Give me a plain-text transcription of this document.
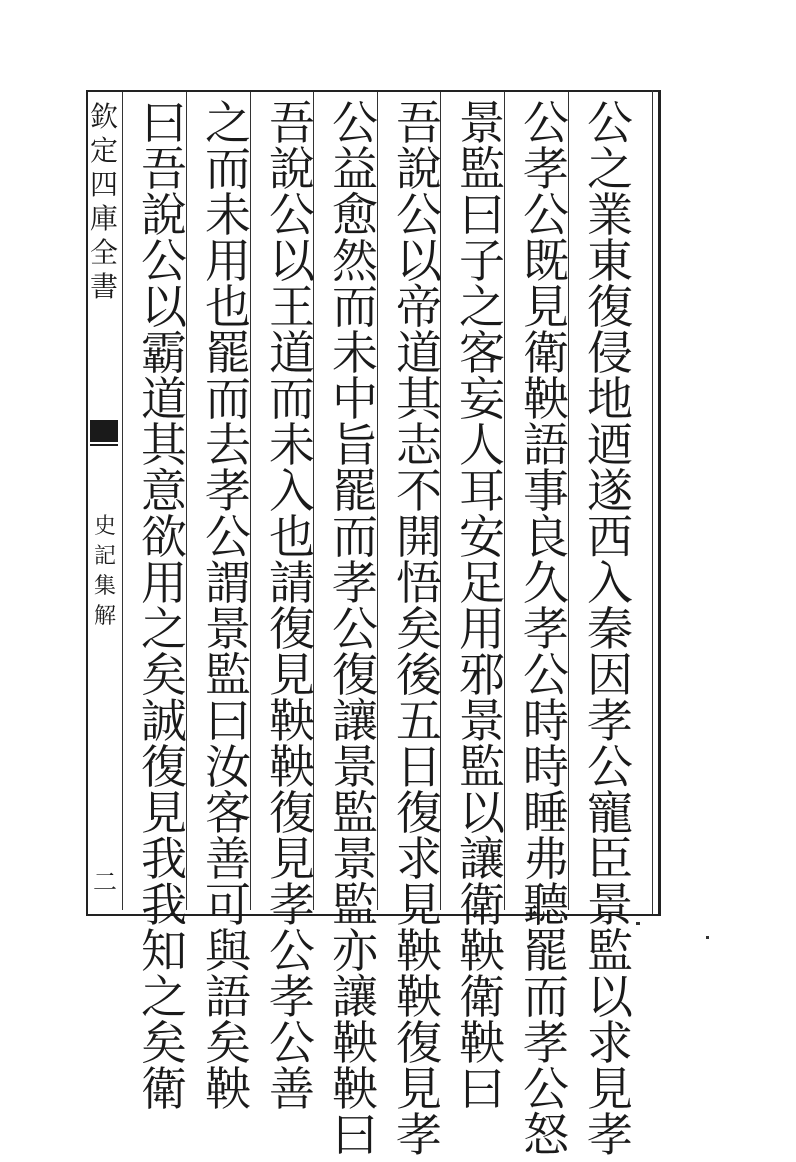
欽
定
四
庫
全
書
史
記
集
解
二
公
之
業
東
復
侵
地
迺
遂
西
入
秦
因
孝
公
寵
臣
景
監
以
求
見
孝
公
孝
公
既
見
衛
鞅
語
事
良
久
孝
公
時
時
睡
弗
聽
罷
而
孝
公
怒
景
監
曰
子
之
客
妄
人
耳
安
足
用
邪
景
監
以
讓
衛
鞅
衛
鞅
曰
吾
說
公
以
帝
道
其
志
不
開
悟
矣
後
五
日
復
求
見
鞅
鞅
復
見
孝
公
益
愈
然
而
未
中
旨
罷
而
孝
公
復
讓
景
監
景
監
亦
讓
鞅
鞅
曰
吾
說
公
以
王
道
而
未
入
也
請
復
見
鞅
鞅
復
見
孝
公
孝
公
善
之
而
未
用
也
罷
而
去
孝
公
謂
景
監
曰
汝
客
善
可
與
語
矣
鞅
曰
吾
說
公
以
霸
道
其
意
欲
用
之
矣
誠
復
見
我
我
知
之
矣
衛
